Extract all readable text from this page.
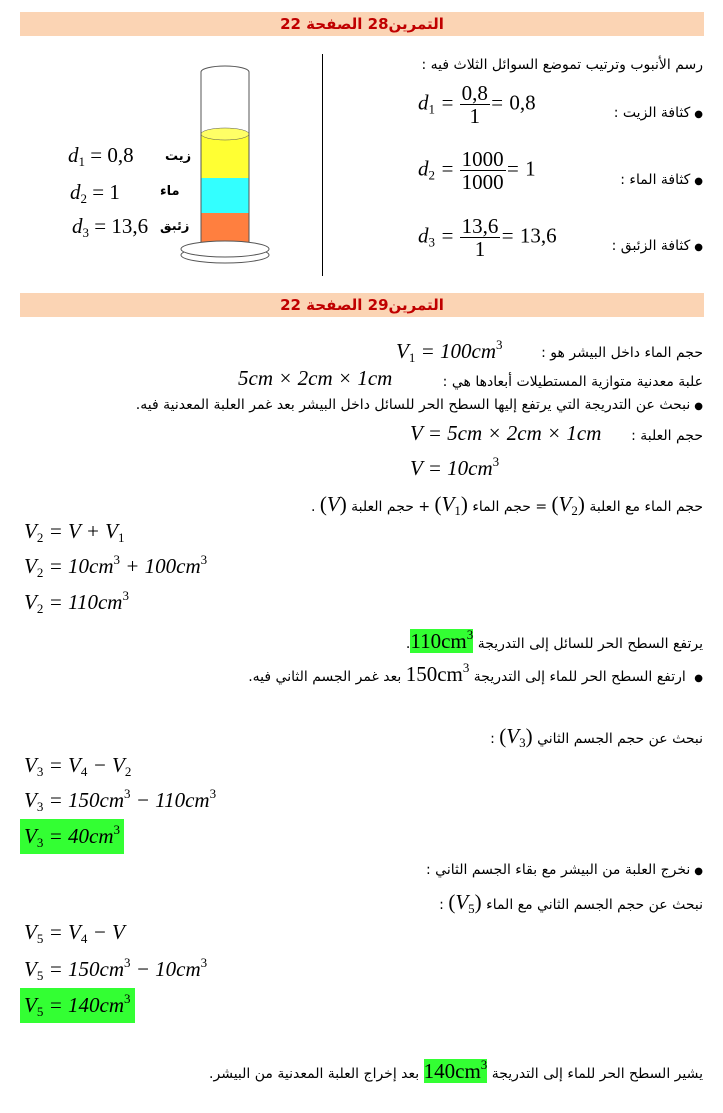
التمرين28 الصفحة 22
$d_1 = 0,8$ زيت
$d_2 = 1$	ماء
$d_3 = 13,6$ زئبق
رسم الأنبوب وترتيب تموضع السوائل الثلاث فيه :
● كثافة الزيت :
$d_1 = \frac{0,8}{1} = 0,8$
● كثافة الماء :
$d_2 = \frac{1000}{1000} = 1$
● كثافة الزئبق :
$d_3 = \frac{13,6}{1} = 13,6$
التمرين29 الصفحة 22
حجم الماء داخل البيشر هو :
$V_1 = 100cm^3$
علبة معدنية متوازية المستطيلات أبعادها هي :
5cm × 2cm × 1cm
● نبحث عن التدريجة التي يرتفع إليها السطح الحر للسائل داخل البيشر بعد غمر العلبة المعدنية فيه.
حجم العلبة :
V = 5cm × 2cm × 1cm
$V = 10cm^3$
حجم الماء مع العلبة $(V_2)$ = حجم الماء $(V_1)$ + حجم العلبة (V) .
$V_2 = V + V_1$
$V_2 = 10cm^3 + 100cm^3$
$V_2 = 110cm^3$
يرتفع السطح الحر للسائل إلى التدريجة $110cm^3$.
● ارتفع السطح الحر للماء إلى التدريجة $150cm^3$ بعد غمر الجسم الثاني فيه.
نبحث عن حجم الجسم الثاني $(V_3)$ :
$V_3 = V_4 - V_2$
$V_3 = 150cm^3 - 110cm^3$
$V_3 = 40cm^3$
● نخرج العلبة من البيشر مع بقاء الجسم الثاني :
نبحث عن حجم الجسم الثاني مع الماء $(V_5)$ :
$V_5 = V_4 - V$
$V_5 = 150cm^3 - 10cm^3$
$V_5 = 140cm^3$
يشير السطح الحر للماء إلى التدريجة $140cm^3$ بعد إخراج العلبة المعدنية من البيشر.
